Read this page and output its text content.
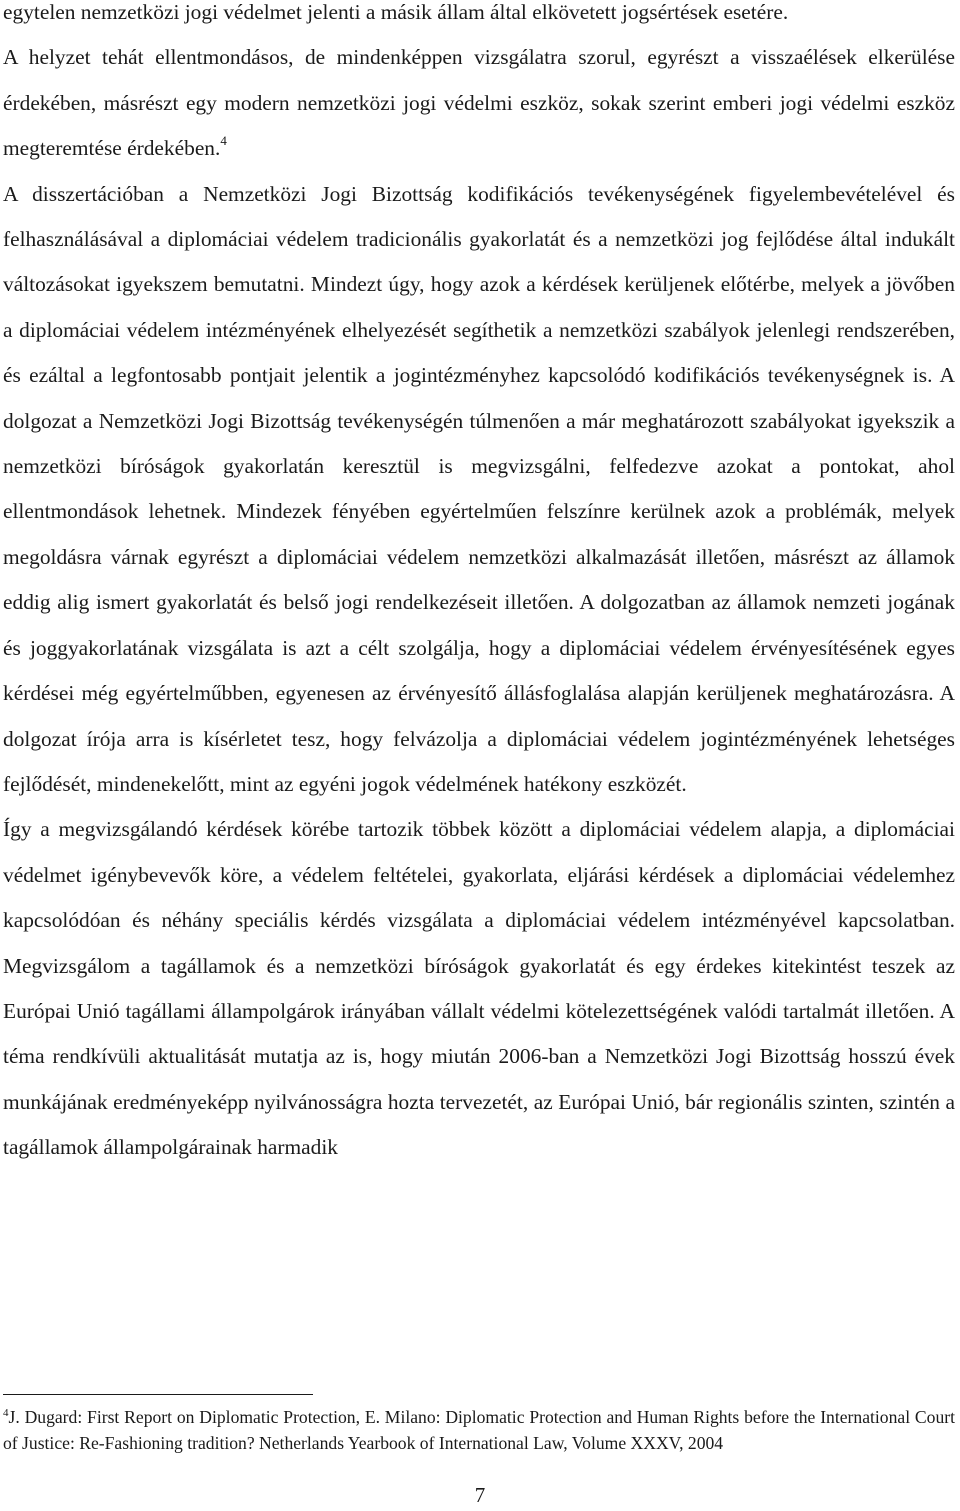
egytelen nemzetközi jogi védelmet jelenti a másik állam által elkövetett jogsértések esetére.

A helyzet tehát ellentmondásos, de mindenképpen vizsgálatra szorul, egyrészt a visszaélések elkerülése érdekében, másrészt egy modern nemzetközi jogi védelmi eszköz, sokak szerint emberi jogi védelmi eszköz megteremtése érdekében.$^4$

A disszertációban a Nemzetközi Jogi Bizottság kodifikációs tevékenységének figyelembevételével és felhasználásával a diplomáciai védelem tradicionális gyakorlatát és a nemzetközi jog fejlődése által indukált változásokat igyekszem bemutatni. Mindezt úgy, hogy azok a kérdések kerüljenek előtérbe, melyek a jövőben a diplomáciai védelem intézményének elhelyezését segíthetik a nemzetközi szabályok jelenlegi rendszerében, és ezáltal a legfontosabb pontjait jelentik a jogintézményhez kapcsolódó kodifikációs tevékenységnek is. A dolgozat a Nemzetközi Jogi Bizottság tevékenységén túlmenően a már meghatározott szabályokat igyekszik a nemzetközi bíróságok gyakorlatán keresztül is megvizsgálni, felfedezve azokat a pontokat, ahol ellentmondások lehetnek. Mindezek fényében egyértelműen felszínre kerülnek azok a problémák, melyek megoldásra várnak egyrészt a diplomáciai védelem nemzetközi alkalmazását illetően, másrészt az államok eddig alig ismert gyakorlatát és belső jogi rendelkezéseit illetően. A dolgozatban az államok nemzeti jogának és joggyakorlatának vizsgálata is azt a célt szolgálja, hogy a diplomáciai védelem érvényesítésének egyes kérdései még egyértelműbben, egyenesen az érvényesítő állásfoglalása alapján kerüljenek meghatározásra. A dolgozat írója arra is kísérletet tesz, hogy felvázolja a diplomáciai védelem jogintézményének lehetséges fejlődését, mindenekelőtt, mint az egyéni jogok védelmének hatékony eszközét.

Így a megvizsgálandó kérdések körébe tartozik többek között a diplomáciai védelem alapja, a diplomáciai védelmet igénybevevők köre, a védelem feltételei, gyakorlata, eljárási kérdések a diplomáciai védelemhez kapcsolódóan és néhány speciális kérdés vizsgálata a diplomáciai védelem intézményével kapcsolatban. Megvizsgálom a tagállamok és a nemzetközi bíróságok gyakorlatát és egy érdekes kitekintést teszek az Európai Unió tagállami állampolgárok irányában vállalt védelmi kötelezettségének valódi tartalmát illetően. A téma rendkívüli aktualitását mutatja az is, hogy miután 2006-ban a Nemzetközi Jogi Bizottság hosszú évek munkájának eredményeképp nyilvánosságra hozta tervezetét, az Európai Unió, bár regionális szinten, szintén a tagállamok állampolgárainak harmadik

$^4$J. Dugard: First Report on Diplomatic Protection, E. Milano: Diplomatic Protection and Human Rights before the International Court of Justice: Re-Fashioning tradition? Netherlands Yearbook of International Law, Volume XXXV, 2004

7
